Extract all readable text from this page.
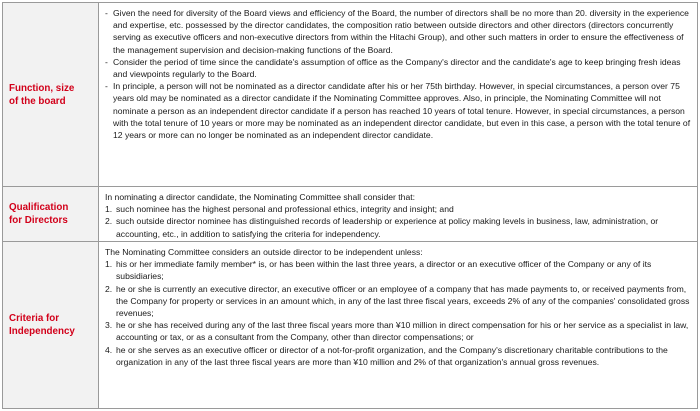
Function, size
of the board

- Given the need for diversity of the Board views and efficiency of the Board, the number of directors shall be no more than 20. diversity in the experience and expertise, etc. possessed by the director candidates, the composition ratio between outside directors and other directors (directors concurrently serving as executive officers and non-executive directors from within the Hitachi Group), and other such matters in order to ensure the effectiveness of the management supervision and decision-making functions of the Board.

- Consider the period of time since the candidate's assumption of office as the Company's director and the candidate's age to keep bringing fresh ideas and viewpoints regularly to the Board.

- In principle, a person will not be nominated as a director candidate after his or her 75th birthday. However, in special circumstances, a person over 75 years old may be nominated as a director candidate if the Nominating Committee approves. Also, in principle, the Nominating Committee will not nominate a person as an independent director candidate if a person has reached 10 years of total tenure. However, in special circumstances, a person with the total tenure of 10 years or more may be nominated as an independent director candidate, but even in this case, a person with the total tenure of 12 years or more can no longer be nominated as an independent director candidate.

Qualification
for Directors

In nominating a director candidate, the Nominating Committee shall consider that:

1. such nominee has the highest personal and professional ethics, integrity and insight; and

2. such outside director nominee has distinguished records of leadership or experience at policy making levels in business, law, administration, or accounting, etc., in addition to satisfying the criteria for independency.

Criteria for
Independency

The Nominating Committee considers an outside director to be independent unless:

1. his or her immediate family member* is, or has been within the last three years, a director or an executive officer of the Company or any of its subsidiaries;

2. he or she is currently an executive director, an executive officer or an employee of a company that has made payments to, or received payments from, the Company for property or services in an amount which, in any of the last three fiscal years, exceeds 2% of any of the companies' consolidated gross revenues;

3. he or she has received during any of the last three fiscal years more than ¥10 million in direct compensation for his or her service as a specialist in law, accounting or tax, or as a consultant from the Company, other than director compensations; or

4. he or she serves as an executive officer or director of a not-for-profit organization, and the Company's discretionary charitable contributions to the organization in any of the last three fiscal years are more than ¥10 million and 2% of that organization's annual gross revenues.
